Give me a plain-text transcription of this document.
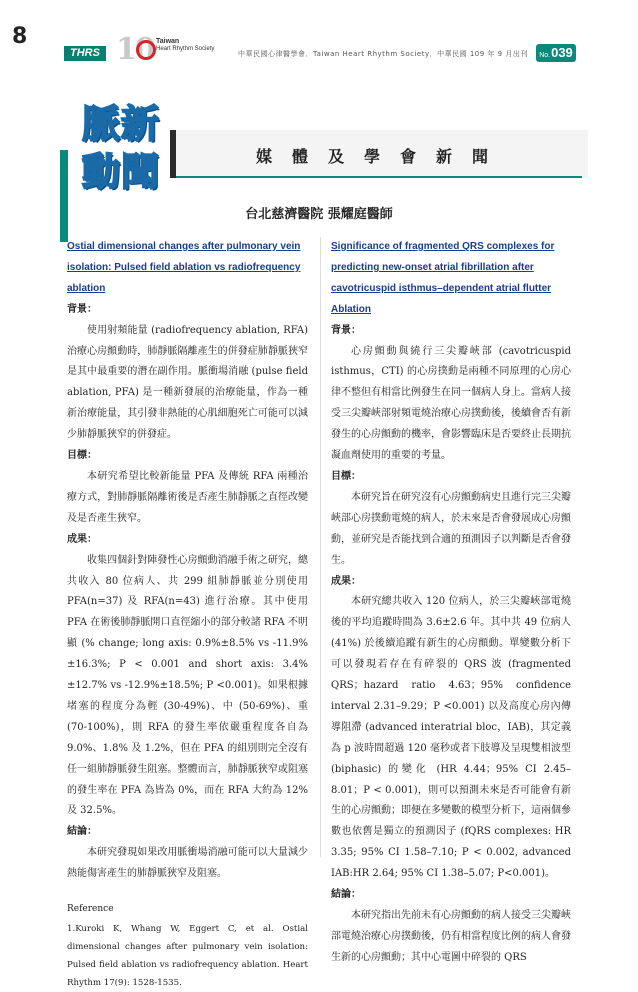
8
THRS 10 Taiwan
Heart Rhythm Society
中華民國心律醫學會．Taiwan Heart Rhythm Society．中華民國 109 年 9 月出刊	No.039
媒體及學會新聞
脈新
動聞
台北慈濟醫院 張耀庭醫師
Ostial dimensional changes after pulmonary vein isolation: Pulsed field ablation vs radiofrequency ablation
背景：

使用射頻能量 (radiofrequency ablation, RFA) 治療心房顫動時，肺靜脈隔離產生的併發症肺靜脈狹窄是其中最重要的潛在副作用。脈衝場消融 (pulse field ablation, PFA) 是一種新發展的治療能量，作為一種新治療能量，其引發非熱能的心肌細胞死亡可能可以減少肺靜脈狹窄的併發症。

目標：

本研究希望比較新能量 PFA 及傳統 RFA 兩種治療方式，對肺靜脈隔離術後是否產生肺靜脈之直徑改變及是否產生狹窄。

成果：

收集四個針對陣發性心房顫動消融手術之研究，總共收入 80 位病人、共 299 組肺靜脈並分別使用 PFA(n=37) 及 RFA(n=43) 進行治療。其中使用 PFA 在術後肺靜脈開口直徑縮小的部分較諸 RFA 不明顯 (% change; long axis: 0.9%±8.5% vs -11.9%±16.3%; P < 0.001 and short axis: 3.4%±12.7% vs -12.9%±18.5%; P <0.001)。如果根據堵塞的程度分為輕 (30-49%)、中 (50-69%)、重 (70-100%)，則 RFA 的發生率依嚴重程度各自為 9.0%、1.8% 及 1.2%，但在 PFA 的組別則完全沒有任一組肺靜脈發生阻塞。整體而言，肺靜脈狹窄或阻塞的發生率在 PFA 為皆為 0%，而在 RFA 大約為 12% 及 32.5%。

結論：

本研究發現如果改用脈衝場消融可能可以大量減少熱能傷害產生的肺靜脈狹窄及阻塞。

Reference
1.Kuroki K, Whang W, Eggert C, et al. Ostial dimensional changes after pulmonary vein isolation: Pulsed field ablation vs radiofrequency ablation. Heart Rhythm 17(9): 1528-1535.
Significance of fragmented QRS complexes for predicting new-onset atrial fibrillation after cavotricuspid isthmus–dependent atrial flutter Ablation
背景：

心房顫動與繞行三尖瓣峽部 (cavotricuspid isthmus，CTI) 的心房撲動是兩種不同原理的心房心律不整但有相當比例發生在同一個病人身上。當病人接受三尖瓣峽部射頻電燒治療心房撲動後，後續會否有新發生的心房顫動的機率，會影響臨床是否要終止長期抗凝血劑使用的重要的考量。

目標：

本研究旨在研究沒有心房顫動病史且進行完三尖瓣峽部心房撲動電燒的病人，於未來是否會發展成心房顫動，並研究是否能找到合適的預測因子以判斷是否會發生。

成果：

本研究總共收入 120 位病人，於三尖瓣峽部電燒後的平均追蹤時間為 3.6±2.6 年。其中共 49 位病人 (41%) 於後續追蹤有新生的心房顫動。單變數分析下可以發現若存在有碎裂的 QRS 波 (fragmented QRS；hazard ratio 4.63；95% confidence interval 2.31–9.29；P <0.001) 以及高度心房內傳導阻滯 (advanced interatrial bloc，IAB)，其定義為 p 波時間超過 120 毫秒或者下肢導及呈現雙相波型 (biphasic) 的變化 (HR 4.44；95% CI 2.45–8.01；P < 0.001)，則可以預測未來是否可能會有新生的心房顫動；即便在多變數的模型分析下，這兩個參數也依舊是獨立的預測因子 (fQRS complexes: HR 3.35; 95% CI 1.58–7.10; P < 0.002, advanced IAB:HR 2.64; 95% CI 1.38–5.07; P<0.001)。

結論：

本研究指出先前未有心房顫動的病人接受三尖瓣峽部電燒治療心房撲動後，仍有相當程度比例的病人會發生新的心房顫動；其中心電圖中碎裂的 QRS
